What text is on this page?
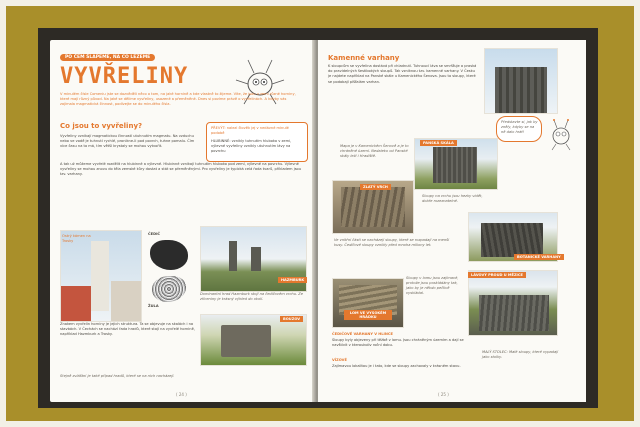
PO ČEM ŠLAPEME, NA CO LEZEME
VYVŘELINY
V minulém čísle Comeniu jste se dozvěděli něco o tom, na jaké hornině a kde vlastně to žijeme. Víte, že jsou v zemi různé horniny, které mají různý původ. Na jaké se dělíme vyvřeliny, usazené a přeměněné. Dnes si povíme právě o vyvřelinách. A kdyby vás zajímala magmatická činnost, podívejte se do minulého čísla.
Co jsou to vyvřeliny?
Vyvřeliny vznikají magmatickou činností utuhnutím magmatu. Na vzduchu nebo ve vodě je tuhnutí rychlé, pronikne-li pod povrch, tuhne pomalu. Čím více času na to má, tím větší krystaly se mohou vytvořit.
A tak už můžeme vyvřelé rozdělit na hlubinné a výlevné. Hlubinné vznikají tuhnutím hluboko pod zemí, výlevné na povrchu. Výlevné vyvřeliny se mohou znovu do těla zemské kůry dostat a stát se přeměněnými. Pro vyvřeliny je typická celá řada tvarů, příkladem jsou tzv. varhany.
PŘEVÝT: nalezl člověk jej v nedávné minulé podobě
HLUBINNÉ: vznikly tuhnutím hluboko v zemi, výlevné vyvřeliny vznikly utuhnutím lávy na povrchu
Ostrý kámen na Trosky
ČEDIČ
ŽULA
HAZMBURK
Dominantní hrad Hazmburk stojí na čedičovém vrchu. Ze zříceniny je krásný výhled do okolí.
BOUZOV
Znakem vyvřelin horniny je jejich struktura. Ta se objevuje na skalách i na stavbách. V Čechách se nachází řada hradů, které stojí na vyvřelé hornině, například Hazmburk a Trosky.
Stejně zvláštní je také případ hradů, které se na nich nacházejí.
( 24 )
Kamenné varhany
K sloupcům se vyvřelina dostává při chladnutí. Tuhnoucí láva se smršťuje a praská do pravidelných šestibokých sloupů. Tak vzniknou tzv. kamenné varhany. V Česku je najdete například na Panské skále u Kamenického Šenova. Jsou to sloupy, které se podobají píšťalám varhan.
Představte si, jak by zněly, kdyby se na ně dalo hrát!
Mapa je v Kamenickém Šenově a je to chráněné území. Nedaleko od Panské skály leží i Hradiště.
PANSKÁ SKÁLA
ZLATÝ VRCH
Sloupy na vrchu jsou hezky vidět, dobře rozeznatelné.
BOTANICKÉ VARHANY
Ve vnitřní části se nacházejí sloupy, které se rozpadají na menší kusy. Čedičové sloupy vznikly před mnoha miliony let.
Sloupy v lomu jsou zajímavé, protože jsou poskládány tak, jako by je někdo pečlivě vyskládal.
LOM VE VYSOKÉM HRÁDKU
LÁVOVÝ PROUD U MĚZICE
ČEDIČOVÉ VARHANY V HLINCE
Sloupy byly objeveny při těžbě v lomu. Jsou chráněným územím a dají se navštívit v kteroukoliv roční dobu.
VÍZOVÉ
Zajímavou lokalitou je i tato, kde se sloupy zachovaly v krásném stavu.
MALÝ STOLEC: Malé sloupy, které vypadají jako stolky.
( 25 )
